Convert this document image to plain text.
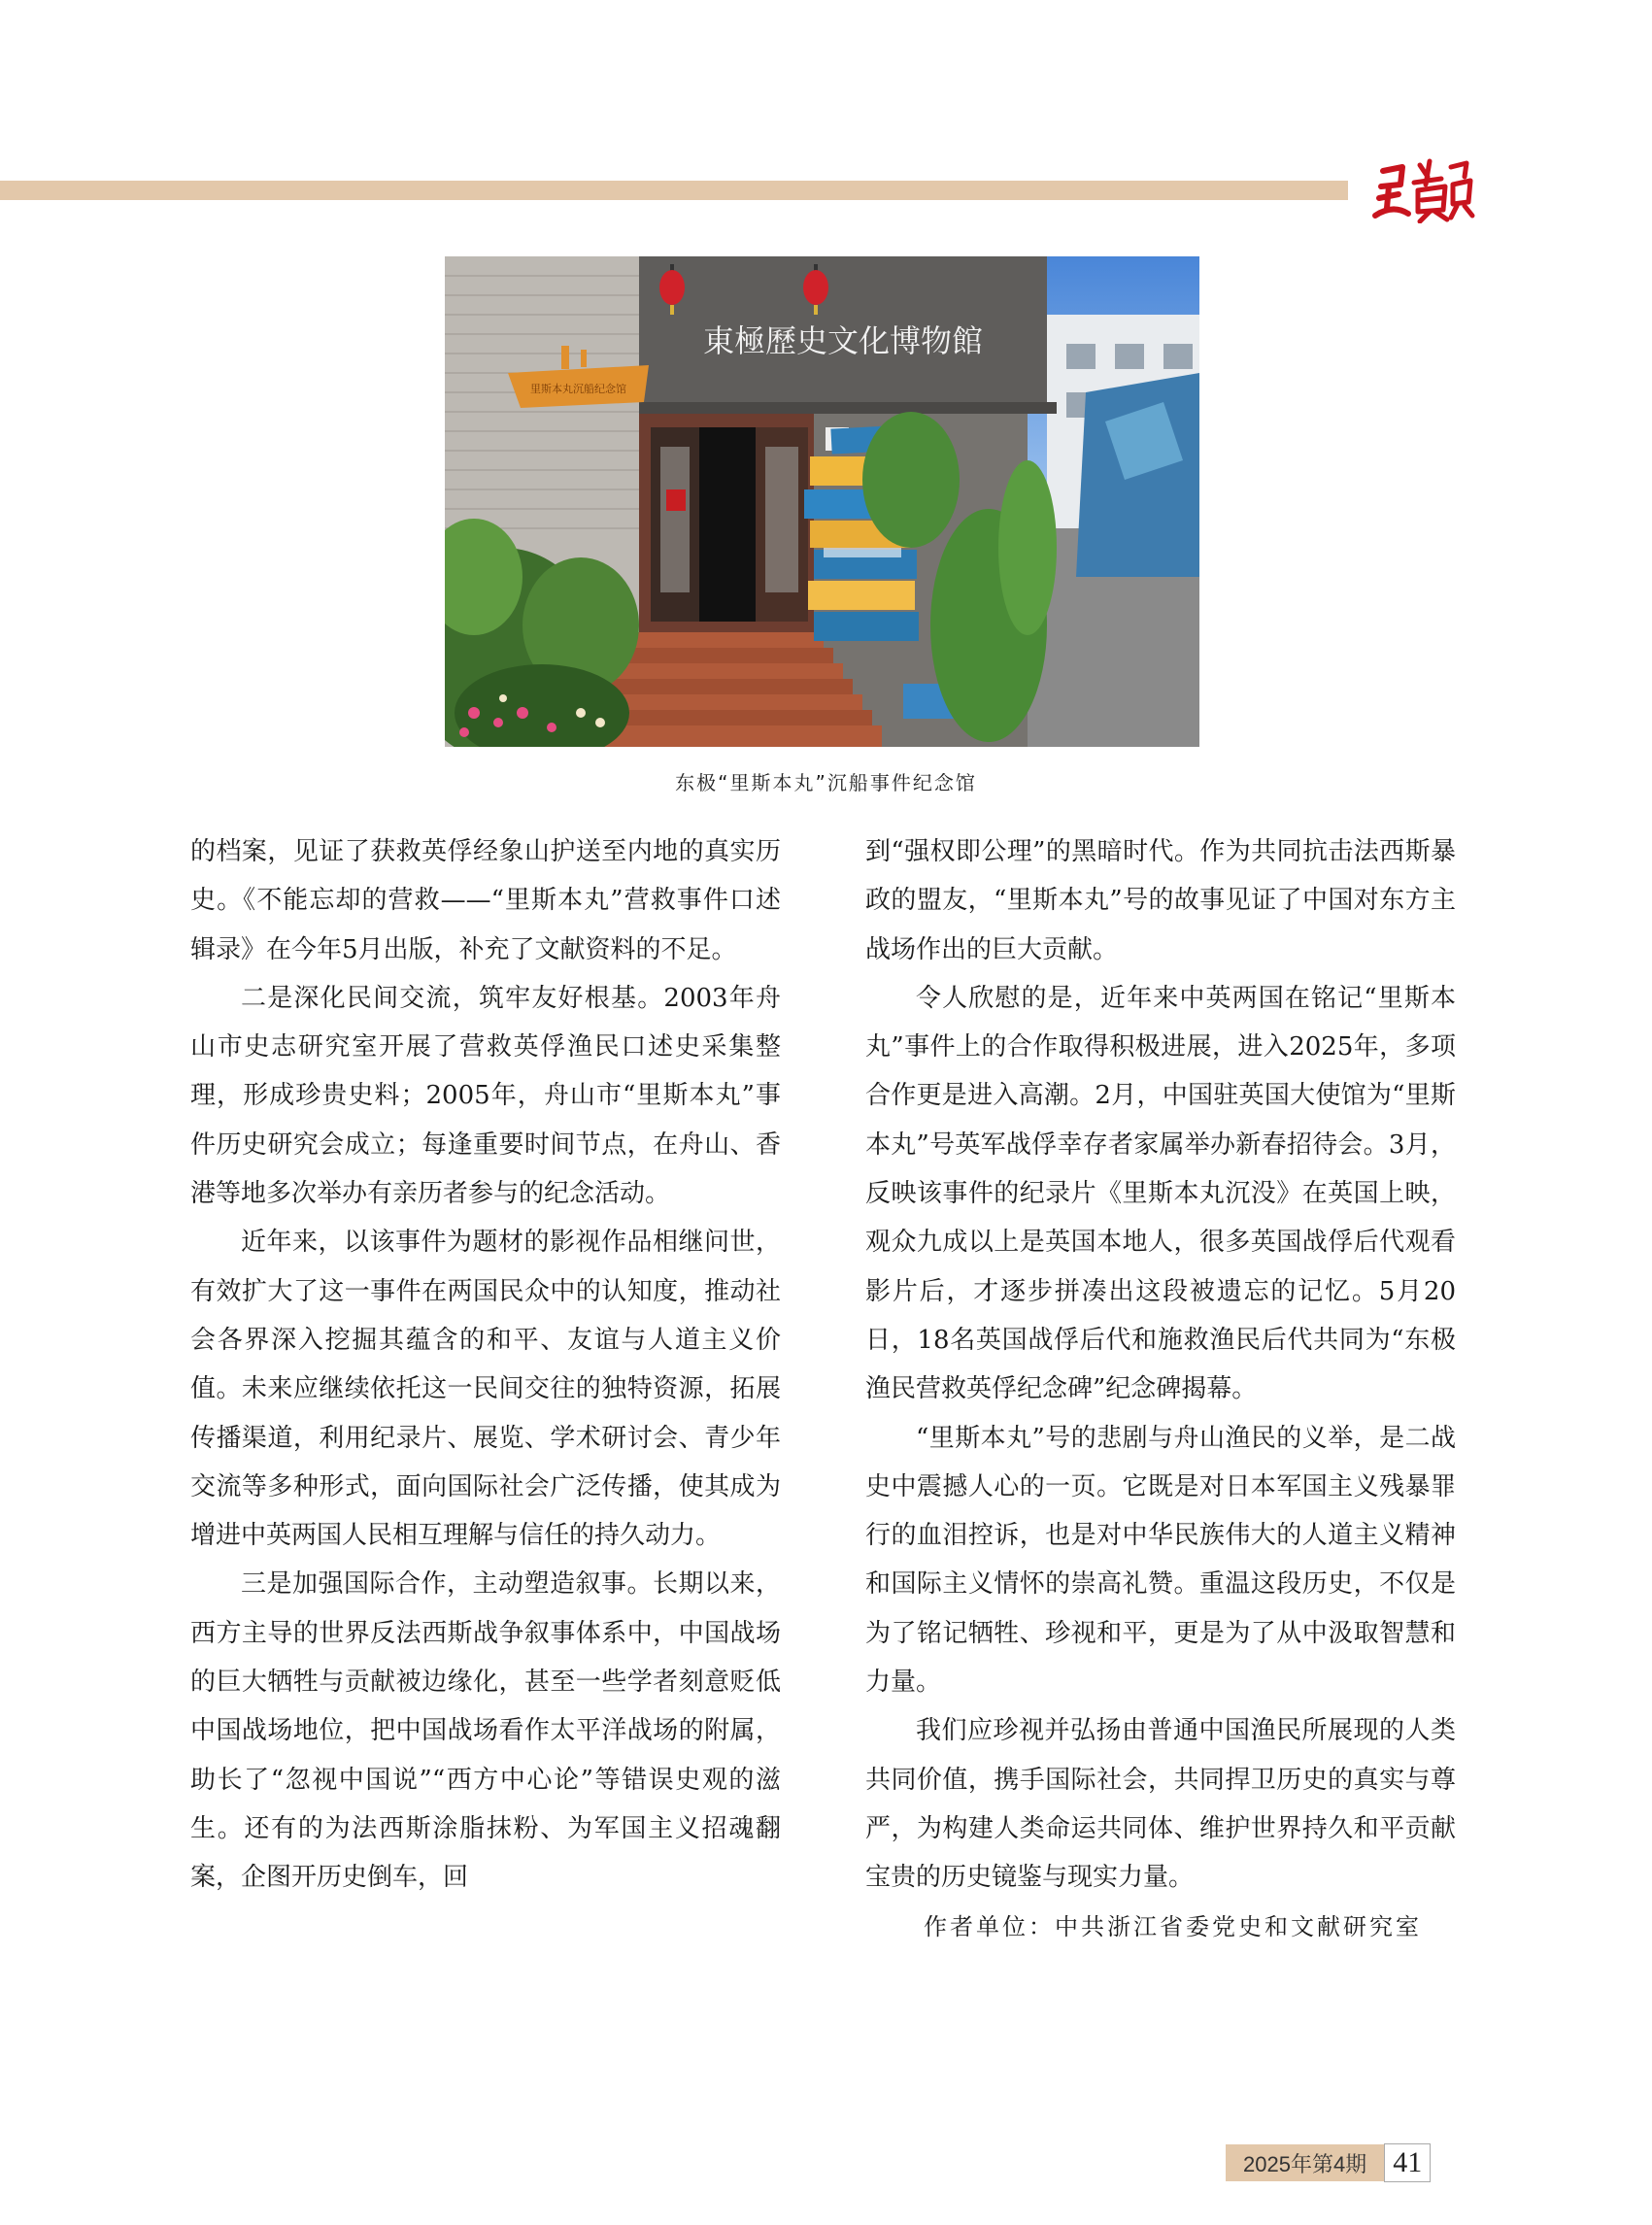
里斯本丸沉船纪念馆
東極歷史文化博物館
东极“里斯本丸”沉船事件纪念馆

的档案，见证了获救英俘经象山护送至内地的真实历史。《不能忘却的营救——“里斯本丸”营救事件口述辑录》在今年5月出版，补充了文献资料的不足。

二是深化民间交流，筑牢友好根基。2003年舟山市史志研究室开展了营救英俘渔民口述史采集整理，形成珍贵史料；2005年，舟山市“里斯本丸”事件历史研究会成立；每逢重要时间节点，在舟山、香港等地多次举办有亲历者参与的纪念活动。

近年来，以该事件为题材的影视作品相继问世，有效扩大了这一事件在两国民众中的认知度，推动社会各界深入挖掘其蕴含的和平、友谊与人道主义价值。未来应继续依托这一民间交往的独特资源，拓展传播渠道，利用纪录片、展览、学术研讨会、青少年交流等多种形式，面向国际社会广泛传播，使其成为增进中英两国人民相互理解与信任的持久动力。

三是加强国际合作，主动塑造叙事。长期以来，西方主导的世界反法西斯战争叙事体系中，中国战场的巨大牺牲与贡献被边缘化，甚至一些学者刻意贬低中国战场地位，把中国战场看作太平洋战场的附属，助长了“忽视中国说”“西方中心论”等错误史观的滋生。还有的为法西斯涂脂抹粉、为军国主义招魂翻案，企图开历史倒车，回

到“强权即公理”的黑暗时代。作为共同抗击法西斯暴政的盟友，“里斯本丸”号的故事见证了中国对东方主战场作出的巨大贡献。

令人欣慰的是，近年来中英两国在铭记“里斯本丸”事件上的合作取得积极进展，进入2025年，多项合作更是进入高潮。2月，中国驻英国大使馆为“里斯本丸”号英军战俘幸存者家属举办新春招待会。3月，反映该事件的纪录片《里斯本丸沉没》在英国上映，观众九成以上是英国本地人，很多英国战俘后代观看影片后，才逐步拼凑出这段被遗忘的记忆。5月20日，18名英国战俘后代和施救渔民后代共同为“东极渔民营救英俘纪念碑”纪念碑揭幕。

“里斯本丸”号的悲剧与舟山渔民的义举，是二战史中震撼人心的一页。它既是对日本军国主义残暴罪行的血泪控诉，也是对中华民族伟大的人道主义精神和国际主义情怀的崇高礼赞。重温这段历史，不仅是为了铭记牺牲、珍视和平，更是为了从中汲取智慧和力量。

我们应珍视并弘扬由普通中国渔民所展现的人类共同价值，携手国际社会，共同捍卫历史的真实与尊严，为构建人类命运共同体、维护世界持久和平贡献宝贵的历史镜鉴与现实力量。

作者单位：中共浙江省委党史和文献研究室

2025年第4期 41
